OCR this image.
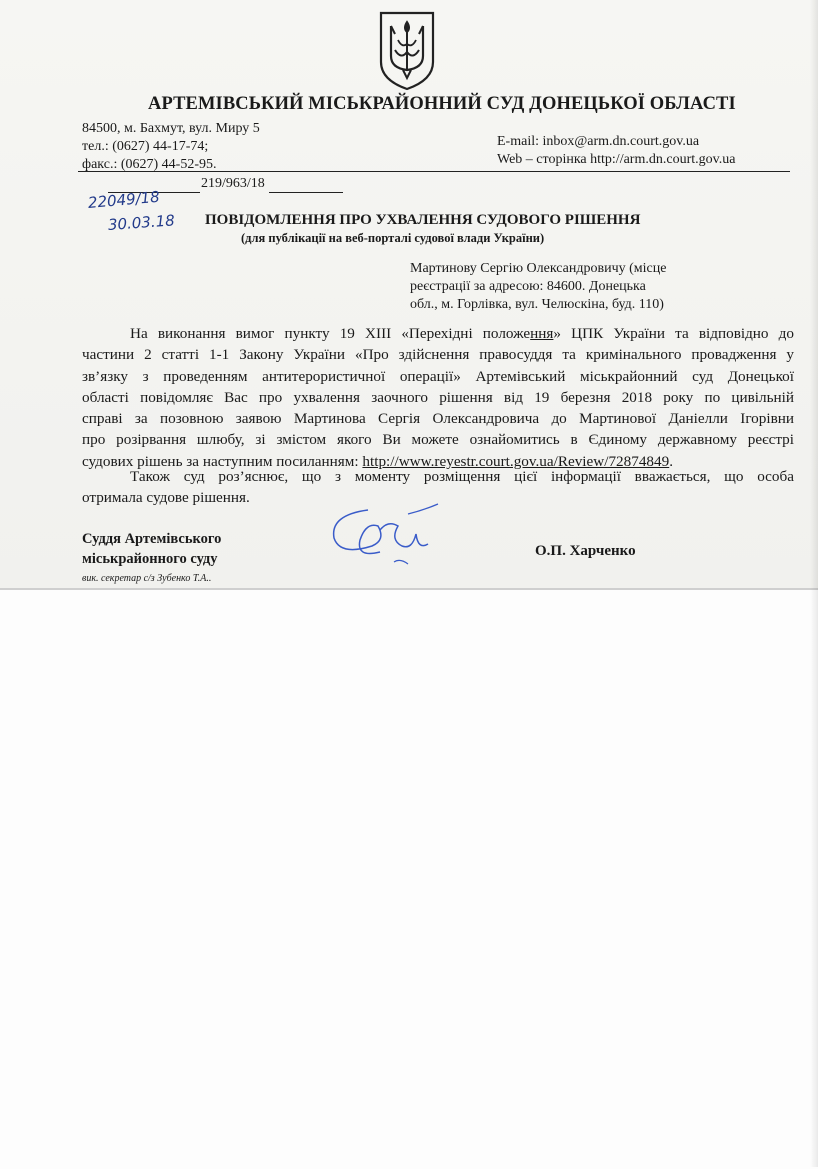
АРТЕМІВСЬКИЙ МІСЬКРАЙОННИЙ СУД ДОНЕЦЬКОЇ ОБЛАСТІ
84500, м. Бахмут, вул. Миру 5
тел.: (0627) 44-17-74;
факс.: (0627) 44-52-95.
E-mail: inbox@arm.dn.court.gov.ua
Web – сторінка http://arm.dn.court.gov.ua
219/963/18
22049/18
30.03.18 ПОВІДОМЛЕННЯ ПРО УХВАЛЕННЯ СУДОВОГО РІШЕННЯ
(для публікації на веб-порталі судової влади України)
Мартинову Сергію Олександровичу (місце
реєстрації за адресою: 84600. Донецька
обл., м. Горлівка, вул. Челюскіна, буд. 110)
На виконання вимог пункту 19 ХІІІ «Перехідні положення» ЦПК України та відповідно до
частини 2 статті 1-1 Закону України «Про здійснення правосуддя та кримінального провадження у
зв’язку з проведенням антитерористичної операції» Артемівський міськрайонний суд Донецької
області повідомляє Вас про ухвалення заочного рішення від 19 березня 2018 року по цивільній
справі за позовною заявою Мартинова Сергія Олександровича до Мартинової Даніелли Ігорівни
про розірвання шлюбу, зі змістом якого Ви можете ознайомитись в Єдиному державному реєстрі
судових рішень за наступним посиланням: http://www.reyestr.court.gov.ua/Review/72874849.
Також суд роз’яснює, що з моменту розміщення цієї інформації вважається, що особа
отримала судове рішення.
Суддя Артемівського
міськрайонного суду
вик. секретар с/з Зубенко Т.А..
О.П. Харченко
